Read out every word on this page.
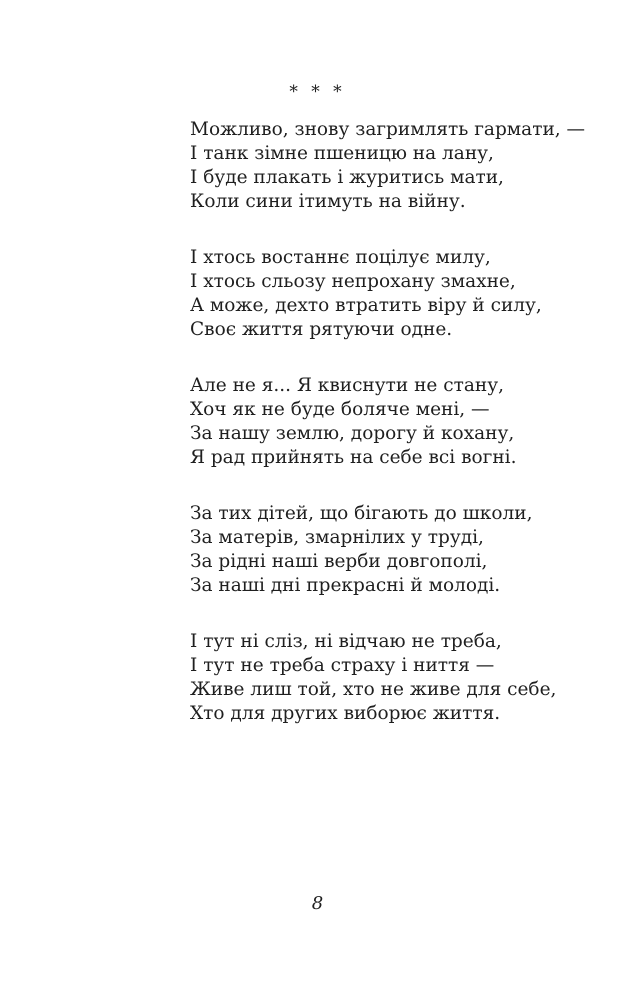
* * *
Можливо, знову загримлять гармати, —
І танк зімне пшеницю на лану,
І буде плакать і журитись мати,
Коли сини ітимуть на війну.
І хтось востаннє поцілує милу,
І хтось сльозу непрохану змахне,
А може, дехто втратить віру й силу,
Своє життя рятуючи одне.
Але не я... Я квиснути не стану,
Хоч як не буде боляче мені, —
За нашу землю, дорогу й кохану,
Я рад прийнять на себе всі вогні.
За тих дітей, що бігають до школи,
За матерів, змарнілих у труді,
За рідні наші верби довгополі,
За наші дні прекрасні й молоді.
І тут ні сліз, ні відчаю не треба,
І тут не треба страху і ниття —
Живе лиш той, хто не живе для себе,
Хто для других виборює життя.
8
